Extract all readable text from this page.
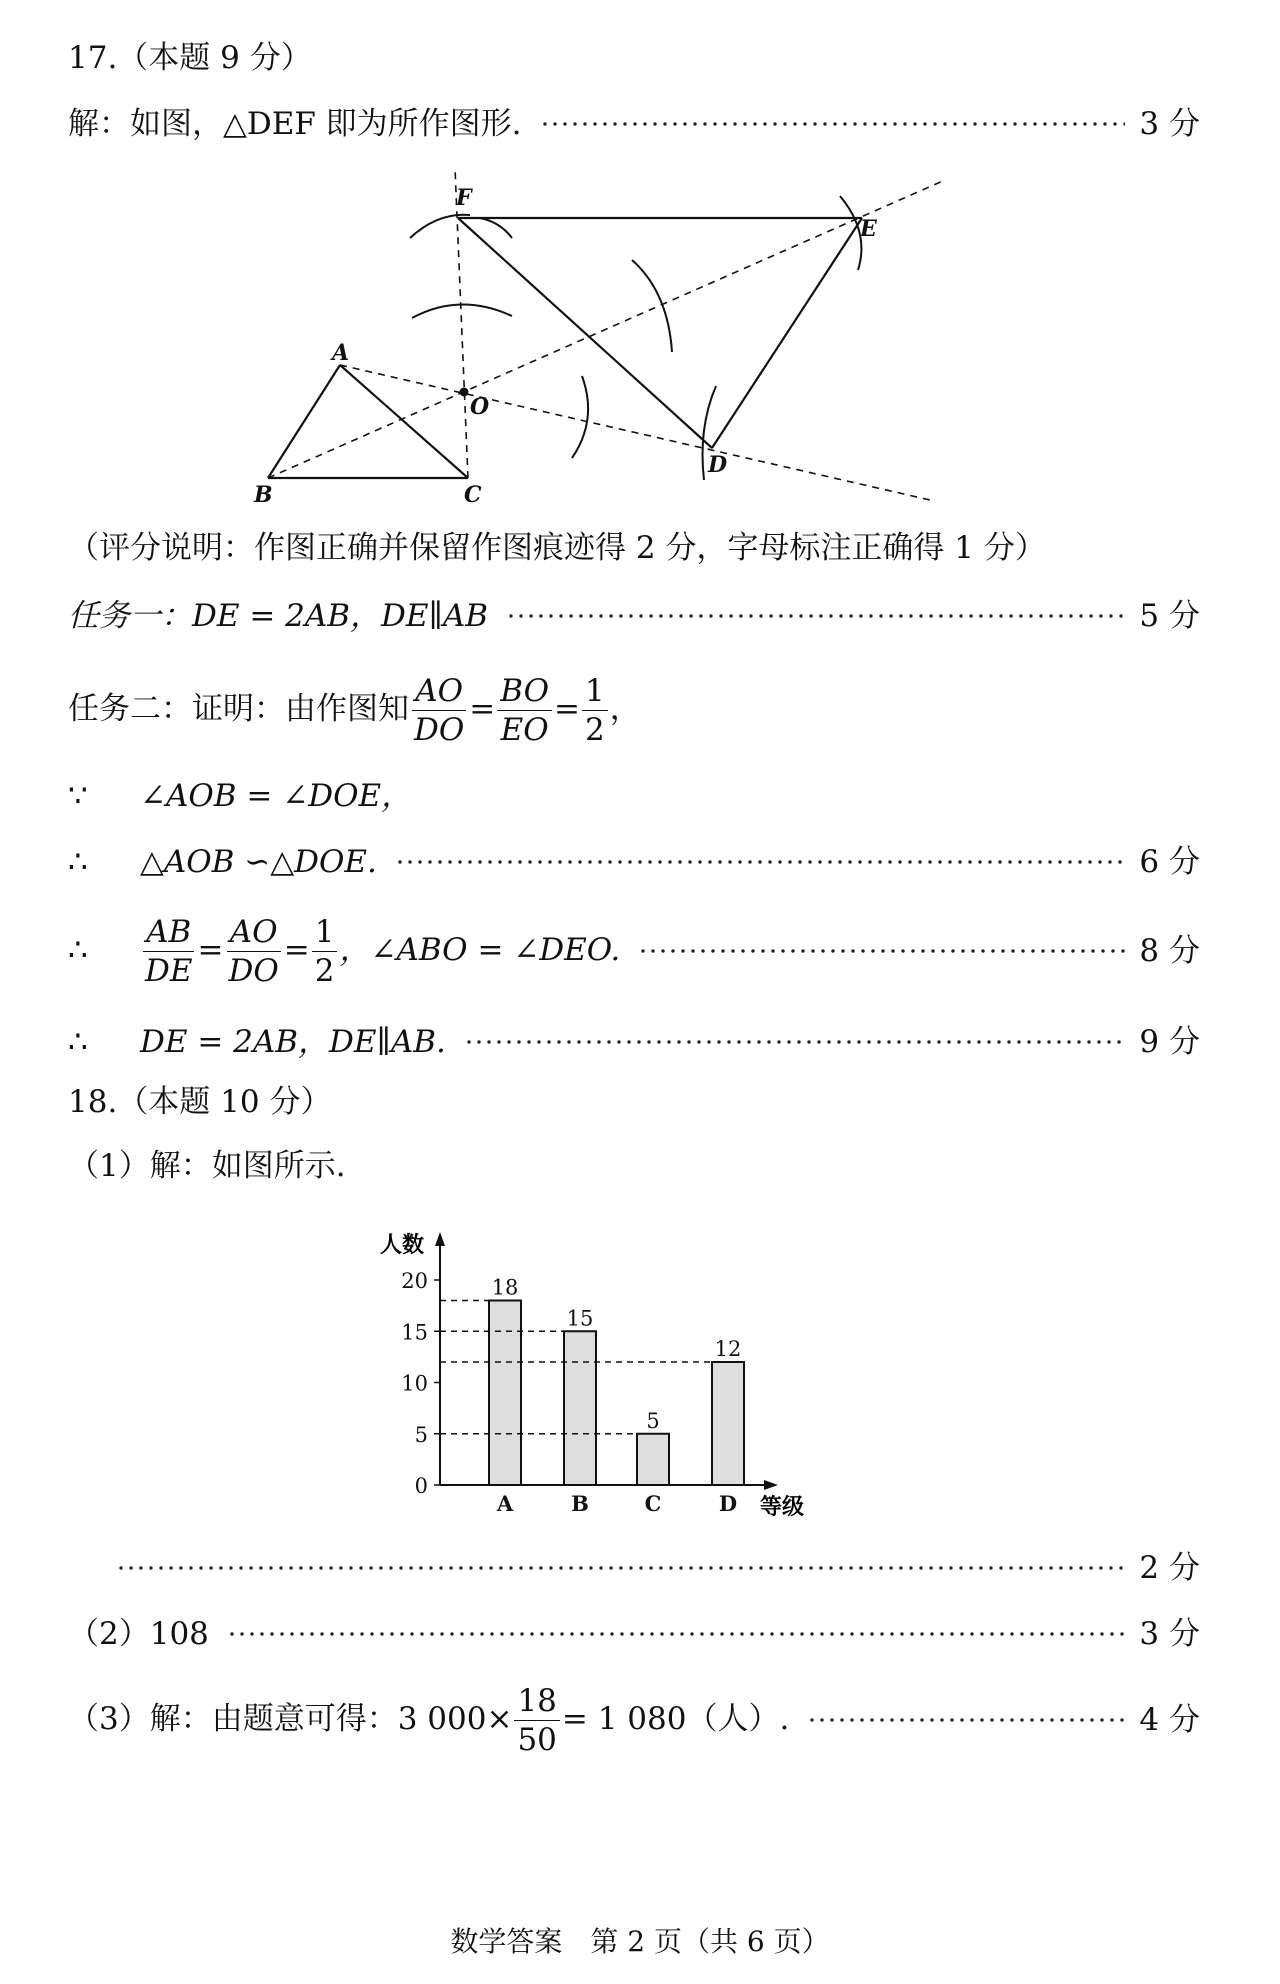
17.（本题 9 分）
解：如图，△DEF 即为所作图形.	3 分
F
E
A
O
D
B	C
（评分说明：作图正确并保留作图痕迹得 2 分，字母标注正确得 1 分）
任务一：DE = 2AB，DE∥AB	5 分
任务二：证明：由作图知 $\frac{AO}{DO} = \frac{BO}{EO} = \frac{1}{2}$ ，
∵ ∠AOB = ∠DOE，
∴ △AOB ∽△DOE.	6 分
∴ $\frac{AB}{DE} = \frac{AO}{DO} = \frac{1}{2}$ ，∠ABO = ∠DEO.	8 分
∴ DE = 2AB，DE∥AB.	9 分
18.（本题 10 分）
（1）解：如图所示.
人数
等级
0
5
10
15
20	18
A
15
B
5
C
12
D
2 分
（2）108	3 分
（3）解：由题意可得：3 $000\times \frac{18}{50} = 1$ 080（人）.	4 分
数学答案　第 2 页（共 6 页）
